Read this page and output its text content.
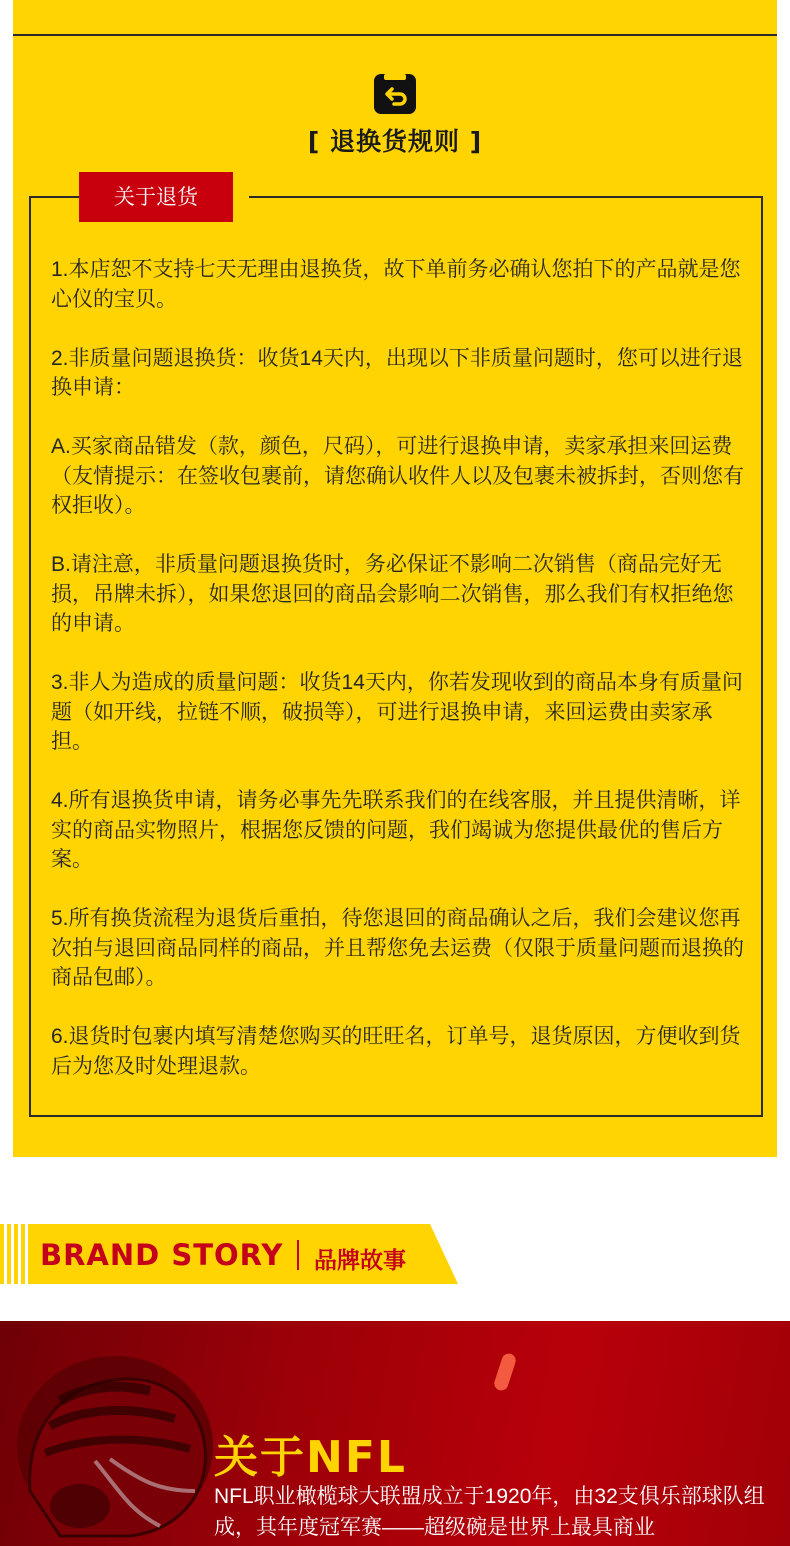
[ 退换货规则 ]
关于退货

1.本店恕不支持七天无理由退换货，故下单前务必确认您拍下的产品就是您心仪的宝贝。

2.非质量问题退换货：收货14天内，出现以下非质量问题时，您可以进行退换申请：

A.买家商品错发（款，颜色，尺码），可进行退换申请，卖家承担来回运费（友情提示：在签收包裹前，请您确认收件人以及包裹未被拆封，否则您有权拒收）。

B.请注意，非质量问题退换货时，务必保证不影响二次销售（商品完好无损，吊牌未拆），如果您退回的商品会影响二次销售，那么我们有权拒绝您的申请。

3.非人为造成的质量问题：收货14天内，你若发现收到的商品本身有质量问题（如开线，拉链不顺，破损等），可进行退换申请，来回运费由卖家承担。

4.所有退换货申请，请务必事先先联系我们的在线客服，并且提供清晰，详实的商品实物照片，根据您反馈的问题，我们竭诚为您提供最优的售后方案。

5.所有换货流程为退货后重拍，待您退回的商品确认之后，我们会建议您再次拍与退回商品同样的商品，并且帮您免去运费（仅限于质量问题而退换的商品包邮）。

6.退货时包裹内填写清楚您购买的旺旺名，订单号，退货原因，方便收到货后为您及时处理退款。

BRAND STORY 品牌故事
关于NFL
NFL职业橄榄球大联盟成立于1920年，由32支俱乐部球队组成，其年度冠军赛——超级碗是世界上最具商业
